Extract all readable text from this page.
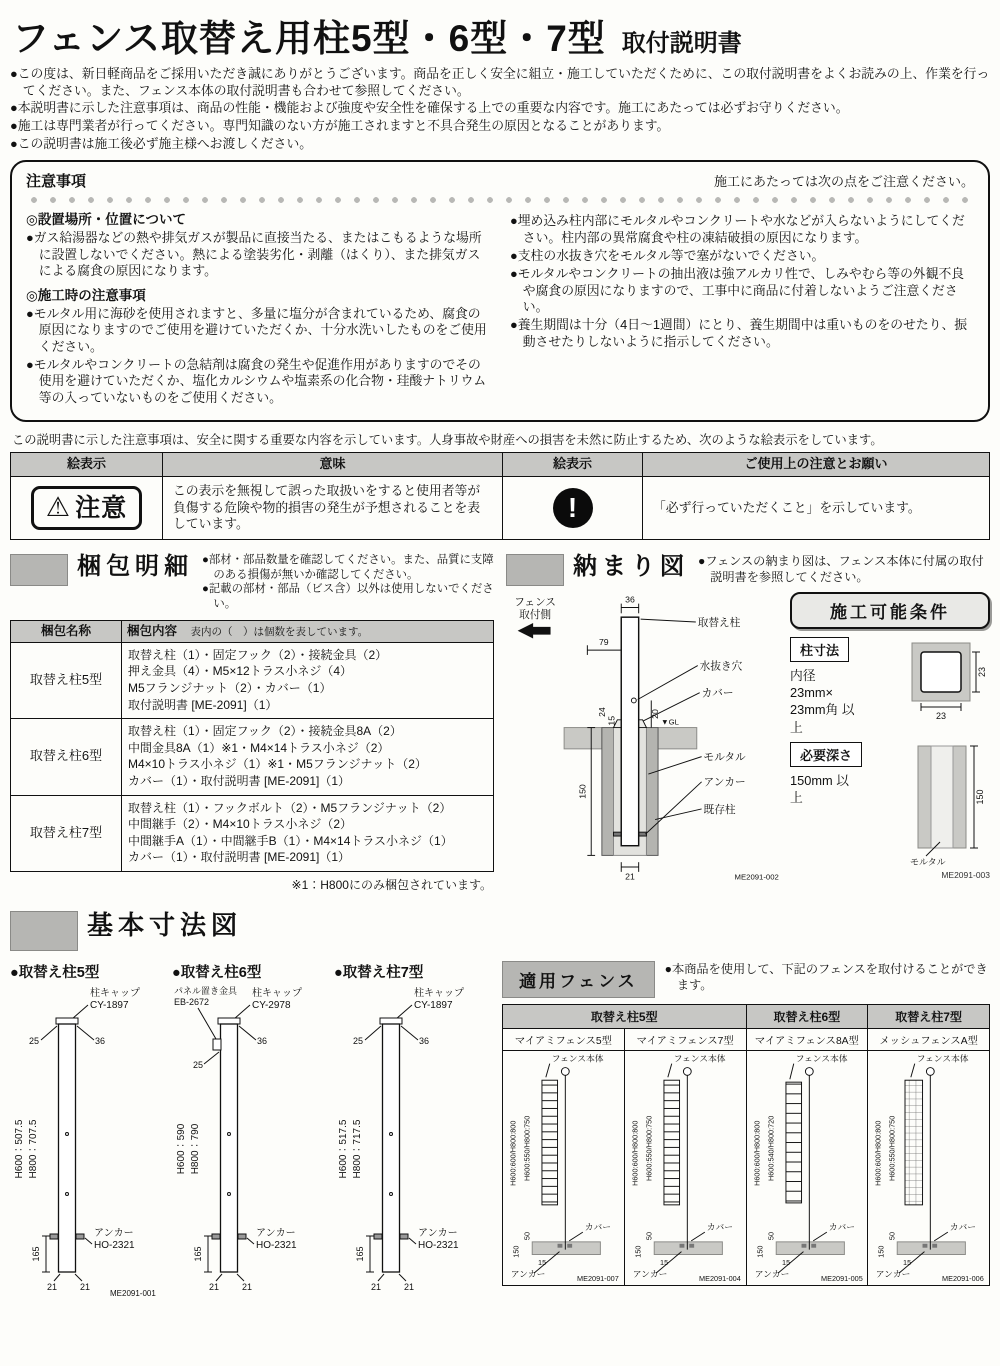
フェンス取替え用柱5型・6型・7型 取付説明書

●この度は、新日軽商品をご採用いただき誠にありがとうございます。商品を正しく安全に組立・施工していただくために、この取付説明書をよくお読みの上、作業を行ってください。また、フェンス本体の取付説明書も合わせて参照してください。

●本説明書に示した注意事項は、商品の性能・機能および強度や安全性を確保する上での重要な内容です。施工にあたっては必ずお守りください。

●施工は専門業者が行ってください。専門知識のない方が施工されますと不具合発生の原因となることがあります。

●この説明書は施工後必ず施主様へお渡しください。

注意事項	施工にあたっては次の点をご注意ください。

◎設置場所・位置について

●ガス給湯器などの熱や排気ガスが製品に直接当たる、またはこもるような場所に設置しないでください。熱による塗装劣化・剥離（はくり）、また排気ガスによる腐食の原因になります。

◎施工時の注意事項

●モルタル用に海砂を使用されますと、多量に塩分が含まれているため、腐食の原因になりますのでご使用を避けていただくか、十分水洗いしたものをご使用ください。

●モルタルやコンクリートの急結剤は腐食の発生や促進作用がありますのでその使用を避けていただくか、塩化カルシウムや塩素系の化合物・珪酸ナトリウム等の入っていないものをご使用ください。

●埋め込み柱内部にモルタルやコンクリートや水などが入らないようにしてください。柱内部の異常腐食や柱の凍結破損の原因になります。

●支柱の水抜き穴をモルタル等で塞がないでください。

●モルタルやコンクリートの抽出液は強アルカリ性で、しみやむら等の外観不良や腐食の原因になりますので、工事中に商品に付着しないようご注意ください。

●養生期間は十分（4日〜1週間）にとり、養生期間中は重いものをのせたり、振動させたりしないように指示してください。

この説明書に示した注意事項は、安全に関する重要な内容を示しています。人身事故や財産への損害を未然に防止するため、次のような絵表示をしています。

絵表示	意味	絵表示	ご使用上の注意とお願い

⚠ 注意	この表示を無視して誤った取扱いをすると使用者等が負傷する危険や物的損害の発生が予想されることを表しています。	!	「必ず行っていただくこと」を示しています。
梱包明細 ●部材・部品数量を確認してください。また、品質に支障のある損傷が無いか確認してください。

●記載の部材・部品（ビス含）以外は使用しないでください。

梱包名称	梱包内容 表内の（　）は個数を表しています。
取替え柱5型	取替え柱（1）・固定フック（2）・接続金具（2）

押え金具（4）・M5×12トラス小ネジ（4）

M5フランジナット（2）・カバー（1）

取付説明書 [ME-2091]（1）

取替え柱6型	取替え柱（1）・固定フック（2）・接続金具8A（2）

中間金具8A（1）※1・M4×14トラス小ネジ（2）

M4×10トラス小ネジ（1）※1・M5フランジナット（2）

カバー（1）・取付説明書 [ME-2091]（1）

取替え柱7型	取替え柱（1）・フックボルト（2）・M5フランジナット（2）

中間継手（2）・M4×10トラス小ネジ（2）

中間継手A（1）・中間継手B（1）・M4×14トラス小ネジ（1）

カバー（1）・取付説明書 [ME-2091]（1）

※1：H800にのみ梱包されています。

納まり図 ●フェンスの納まり図は、フェンス本体に付属の取付説明書を参照してください。

フェンス
取付側
36
79
取替え柱
水抜き穴
20
カバー
▼GL
24
15
150
モルタル
アンカー
既存柱
21	ME2091-002
施工可能条件
柱寸法
内径 23mm× 23mm角 以上
23
23
必要深さ
150mm 以上	150
モルタル
ME2091-003
基本寸法図
●取替え柱5型
柱キャップ
CY-1897
25	36
H600：507.5 H800：707.5
アンカー
HO-2321
165
21	21
ME2091-001
●取替え柱6型
パネル置き金具
EB-2672
柱キャップ
CY-2978
25
36
H600：590 H800：790
アンカー
HO-2321
165
21	21
●取替え柱7型
柱キャップ
CY-1897
25	36
H600：517.5 H800：717.5
アンカー
HO-2321
165
21	21
適用フェンス

●本商品を使用して、下記のフェンスを取付けることができます。

取替え柱5型		取替え柱6型	取替え柱7型
マイアミフェンス5型	マイアミフェンス7型	マイアミフェンス8A型	メッシュフェンスA型

フェンス本体
H600:600/H800:800 H600:550/H800:750
カバー
150
50
15
アンカー	ME2091-007

フェンス本体
H600:600/H800:800 H600:550/H800:750
カバー
150
50
15
アンカー	ME2091-004

フェンス本体
H600:600/H800:800 H600:540/H800:720
カバー
150
50
15
アンカー	ME2091-005

フェンス本体
H600:600/H800:800 H600:550/H800:750
カバー
150
50
15
アンカー	ME2091-006
